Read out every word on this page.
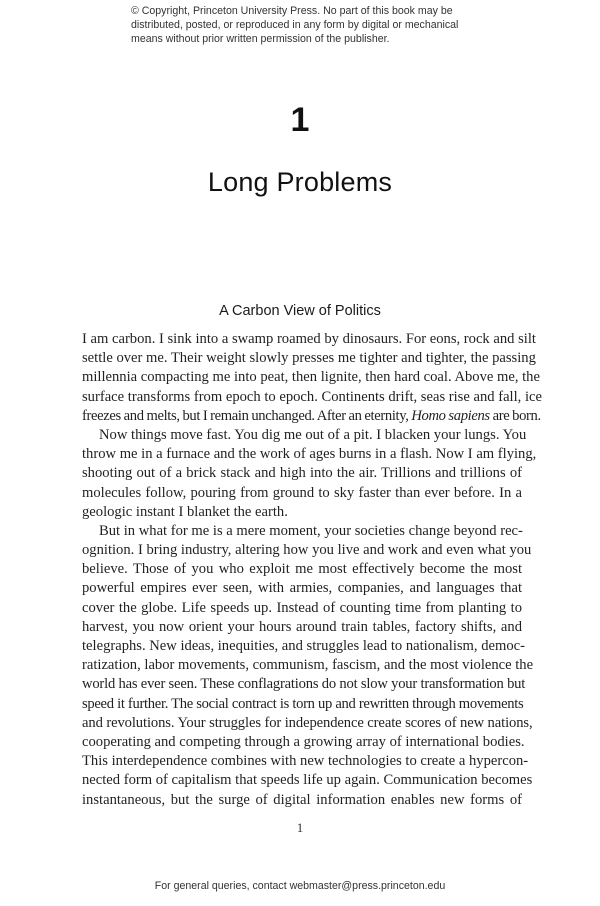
© Copyright, Princeton University Press. No part of this book may be
distributed, posted, or reproduced in any form by digital or mechanical
means without prior written permission of the publisher.
1
Long Problems
A Carbon View of Politics
I am carbon. I sink into a swamp roamed by dinosaurs. For eons, rock and silt
settle over me. Their weight slowly presses me tighter and tighter, the passing
millennia compacting me into peat, then lignite, then hard coal. Above me, the
surface transforms from epoch to epoch. Continents drift, seas rise and fall, ice
freezes and melts, but I remain unchanged. After an eternity, Homo sapiens are born.
Now things move fast. You dig me out of a pit. I blacken your lungs. You
throw me in a furnace and the work of ages burns in a flash. Now I am flying,
shooting out of a brick stack and high into the air. Trillions and trillions of
molecules follow, pouring from ground to sky faster than ever before. In a
geologic instant I blanket the earth.
But in what for me is a mere moment, your societies change beyond rec-
ognition. I bring industry, altering how you live and work and even what you
believe. Those of you who exploit me most effectively become the most
powerful empires ever seen, with armies, companies, and languages that
cover the globe. Life speeds up. Instead of counting time from planting to
harvest, you now orient your hours around train tables, factory shifts, and
telegraphs. New ideas, inequities, and struggles lead to nationalism, democ-
ratization, labor movements, communism, fascism, and the most violence the
world has ever seen. These conflagrations do not slow your transformation but
speed it further. The social contract is torn up and rewritten through movements
and revolutions. Your struggles for independence create scores of new nations,
cooperating and competing through a growing array of international bodies.
This interdependence combines with new technologies to create a hypercon-
nected form of capitalism that speeds life up again. Communication becomes
instantaneous, but the surge of digital information enables new forms of
1
For general queries, contact webmaster@press.princeton.edu
